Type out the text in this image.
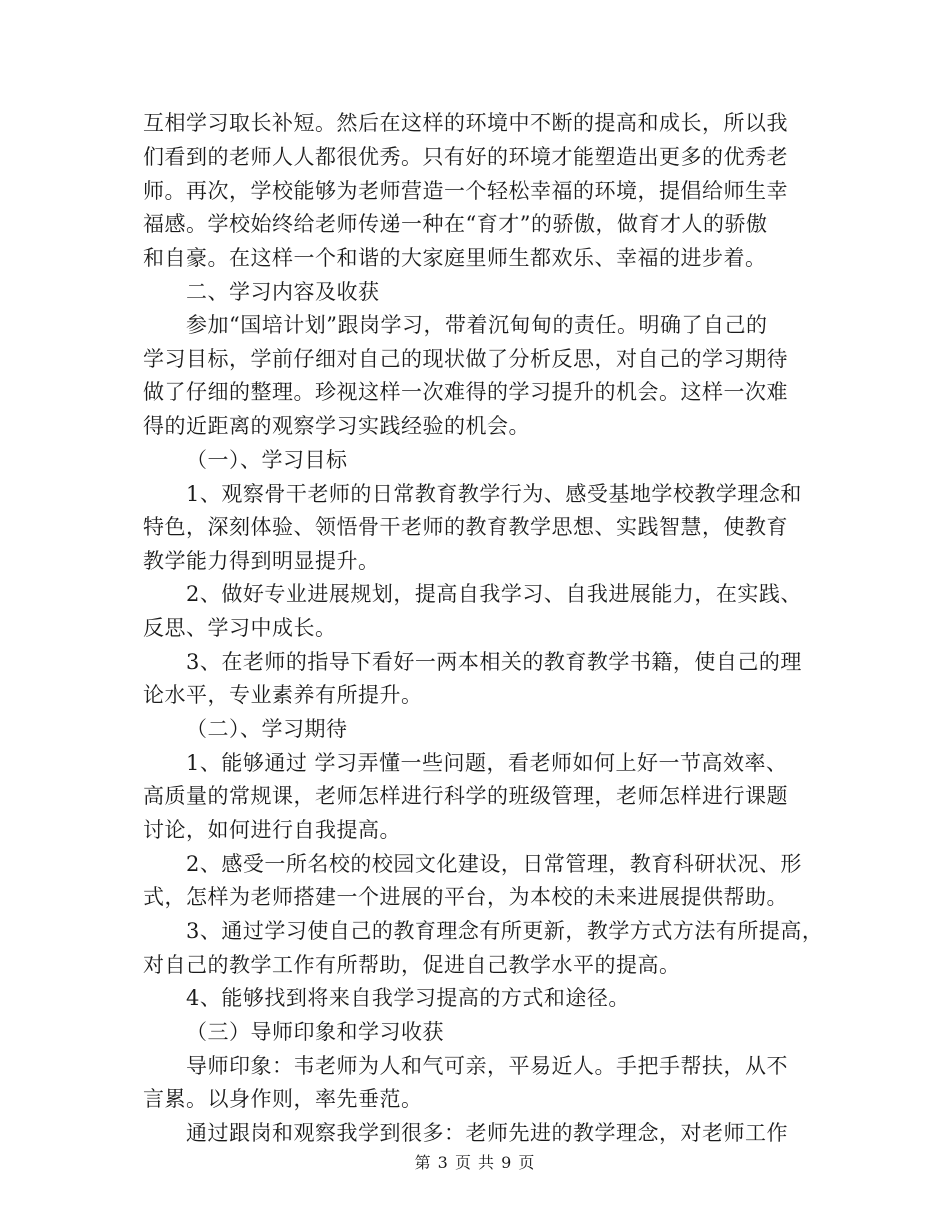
互相学习取长补短。然后在这样的环境中不断的提高和成长，所以我
们看到的老师人人都很优秀。只有好的环境才能塑造出更多的优秀老
师。再次，学校能够为老师营造一个轻松幸福的环境，提倡给师生幸
福感。学校始终给老师传递一种在“育才”的骄傲，做育才人的骄傲
和自豪。在这样一个和谐的大家庭里师生都欢乐、幸福的进步着。
二、学习内容及收获
参加“国培计划”跟岗学习，带着沉甸甸的责任。明确了自己的
学习目标，学前仔细对自己的现状做了分析反思，对自己的学习期待
做了仔细的整理。珍视这样一次难得的学习提升的机会。这样一次难
得的近距离的观察学习实践经验的机会。
（一）、学习目标
1、观察骨干老师的日常教育教学行为、感受基地学校教学理念和
特色，深刻体验、领悟骨干老师的教育教学思想、实践智慧，使教育
教学能力得到明显提升。
2、做好专业进展规划，提高自我学习、自我进展能力，在实践、
反思、学习中成长。
3、在老师的指导下看好一两本相关的教育教学书籍，使自己的理
论水平，专业素养有所提升。
（二）、学习期待
1、能够通过 学习弄懂一些问题，看老师如何上好一节高效率、
高质量的常规课，老师怎样进行科学的班级管理，老师怎样进行课题
讨论，如何进行自我提高。
2、感受一所名校的校园文化建设，日常管理，教育科研状况、形
式，怎样为老师搭建一个进展的平台，为本校的未来进展提供帮助。
3、通过学习使自己的教育理念有所更新，教学方式方法有所提高，
对自己的教学工作有所帮助，促进自己教学水平的提高。
4、能够找到将来自我学习提高的方式和途径。
（三）导师印象和学习收获
导师印象：韦老师为人和气可亲，平易近人。手把手帮扶，从不
言累。以身作则，率先垂范。
通过跟岗和观察我学到很多：老师先进的教学理念，对老师工作
第 3 页 共 9 页
